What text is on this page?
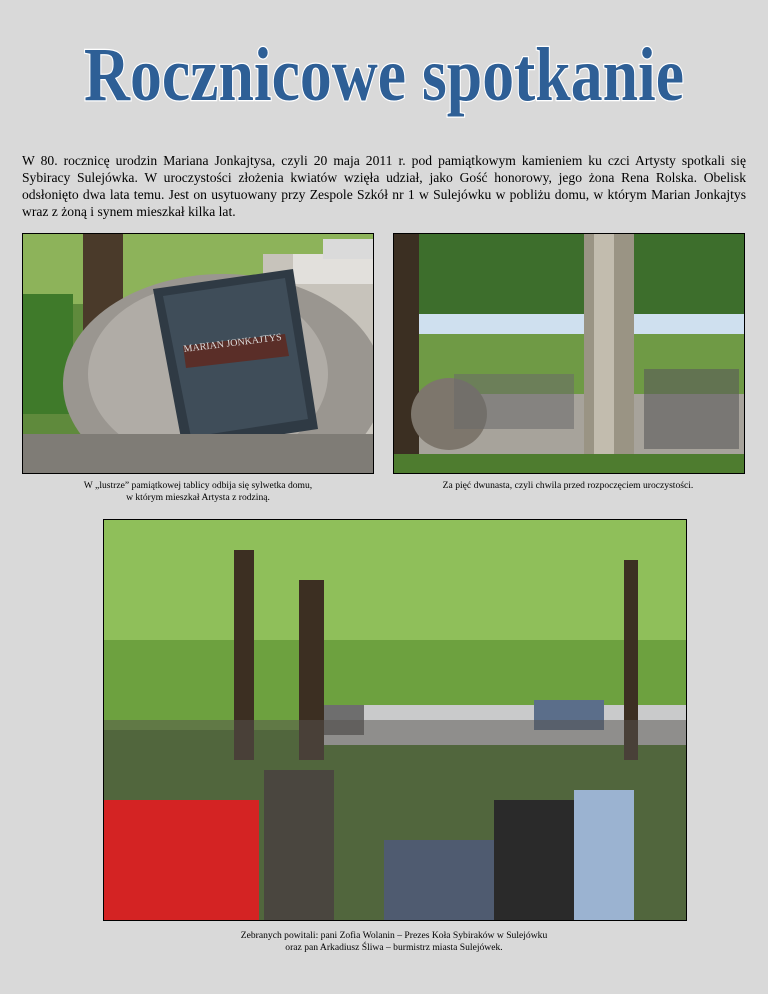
Rocznicowe spotkanie

W 80. rocznicę urodzin Mariana Jonkajtysa, czyli 20 maja 2011 r. pod pamiątkowym kamieniem ku czci Artysty spotkali się Sybiracy Sulejówka. W uroczystości złożenia kwiatów wzięła udział, jako Gość honorowy, jego żona Rena Rolska. Obelisk odsłonięto dwa lata temu. Jest on usytuowany przy Zespole Szkół nr 1 w Sulejówku w pobliżu domu, w którym Marian Jonkajtys wraz z żoną i synem mieszkał kilka lat.

MARIAN JONKAJTYS

W „lustrze” pamiątkowej tablicy odbija się sylwetka domu,
w którym mieszkał Artysta z rodziną.

Za pięć dwunasta, czyli chwila przed rozpoczęciem uroczystości.

Zebranych powitali: pani Zofia Wolanin – Prezes Koła Sybiraków w Sulejówku
oraz pan Arkadiusz Śliwa – burmistrz miasta Sulejówek.
